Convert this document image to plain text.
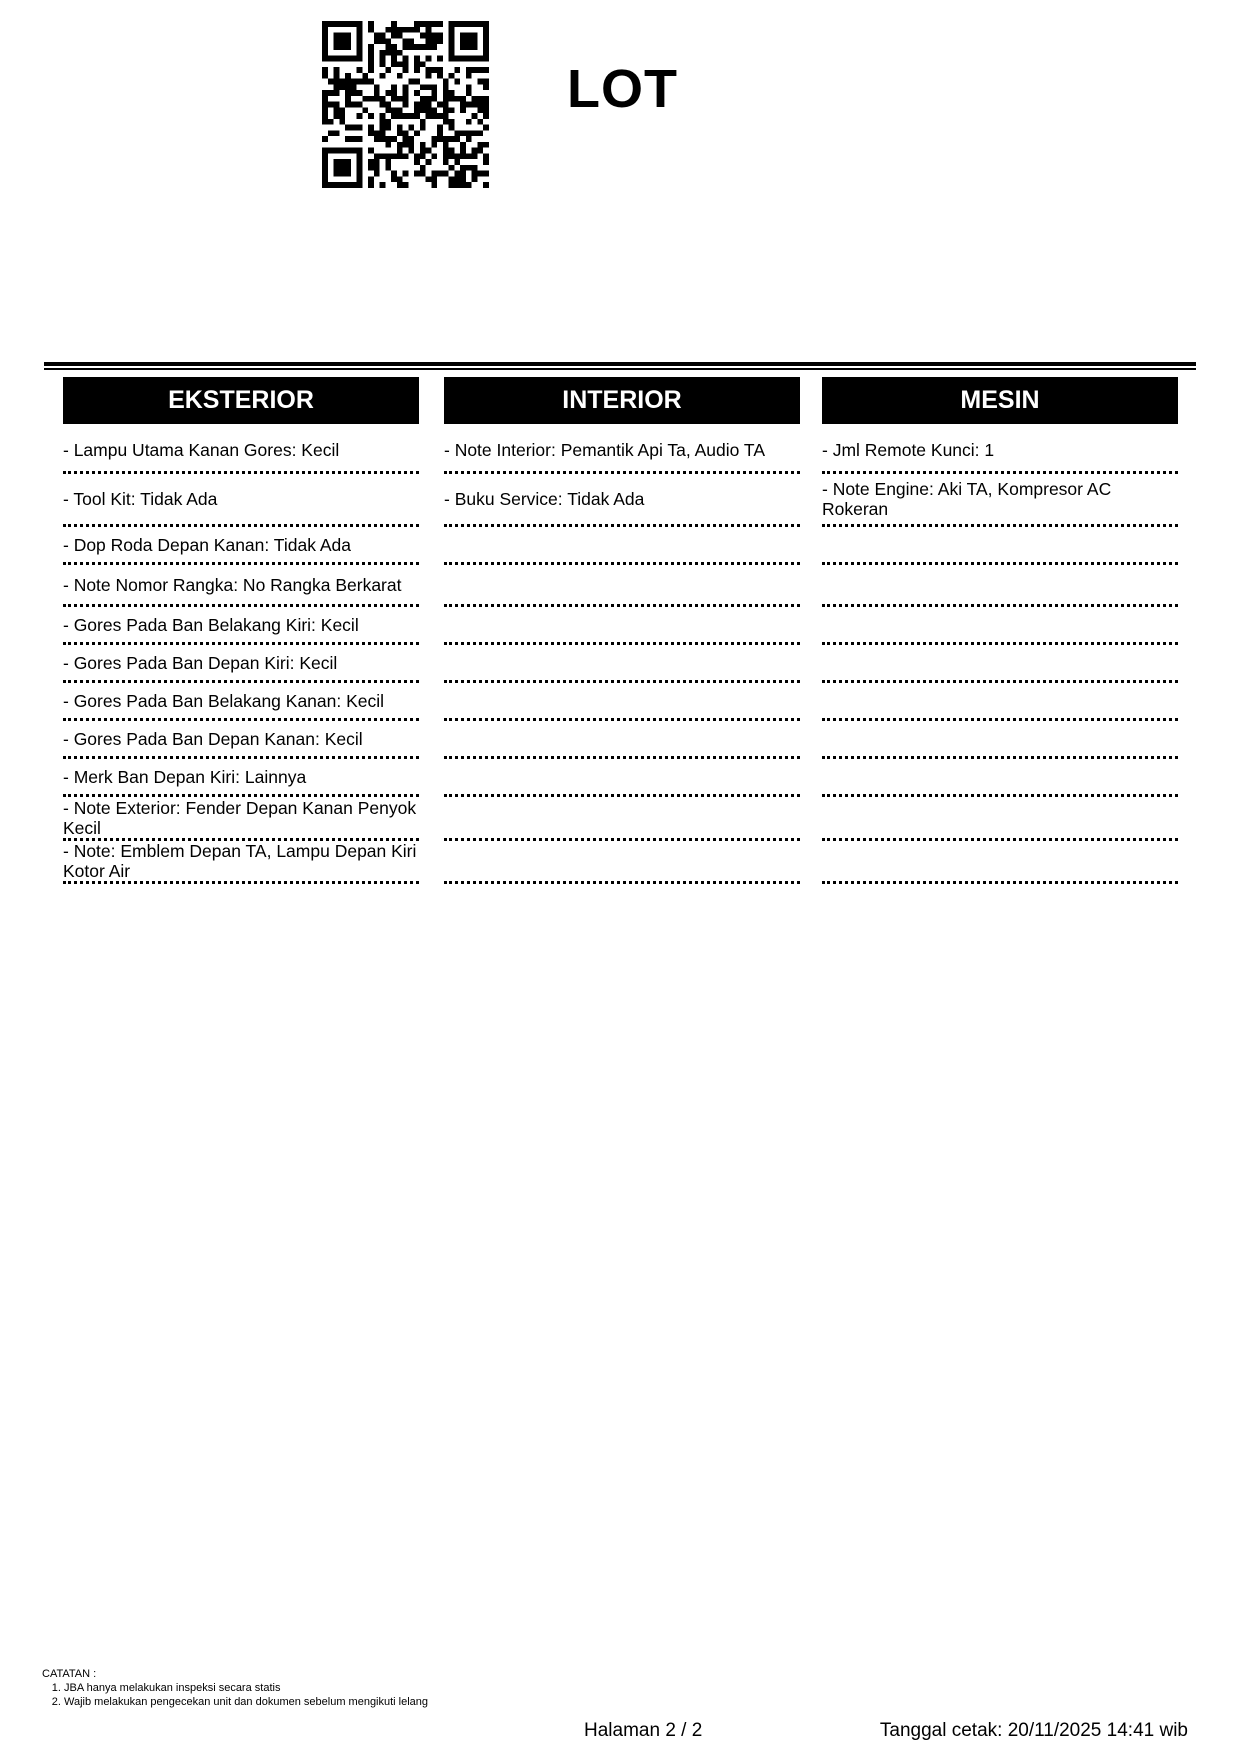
LOT
EKSTERIOR
- Lampu Utama Kanan Gores: Kecil
- Tool Kit: Tidak Ada
- Dop Roda Depan Kanan: Tidak Ada
- Note Nomor Rangka: No Rangka Berkarat
- Gores Pada Ban Belakang Kiri: Kecil
- Gores Pada Ban Depan Kiri: Kecil
- Gores Pada Ban Belakang Kanan: Kecil
- Gores Pada Ban Depan Kanan: Kecil
- Merk Ban Depan Kiri: Lainnya
- Note Exterior: Fender Depan Kanan Penyok Kecil
- Note: Emblem Depan TA, Lampu Depan Kiri Kotor Air
INTERIOR
- Note Interior: Pemantik Api Ta, Audio TA
- Buku Service: Tidak Ada
MESIN
- Jml Remote Kunci: 1
- Note Engine: Aki TA, Kompresor AC Rokeran
CATATAN :
1. JBA hanya melakukan inspeksi secara statis
2. Wajib melakukan pengecekan unit dan dokumen sebelum mengikuti lelang
Halaman 2 / 2	Tanggal cetak: 20/11/2025 14:41 wib
